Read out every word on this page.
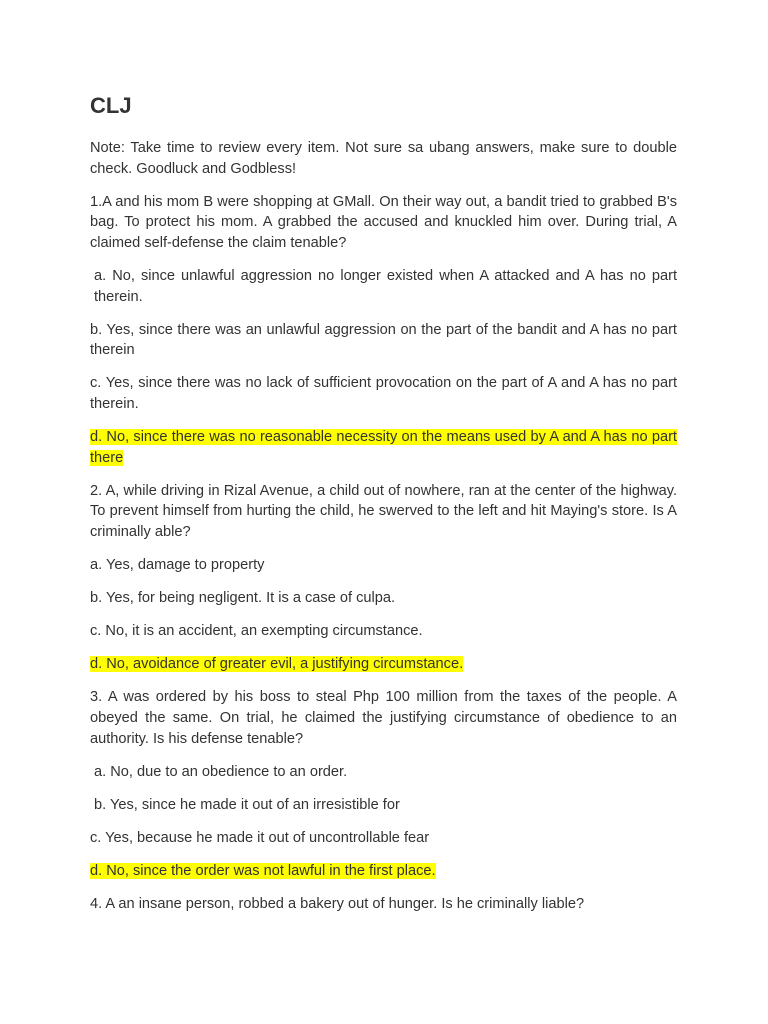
CLJ

Note: Take time to review every item. Not sure sa ubang answers, make sure to double check. Goodluck and Godbless!

1.A and his mom B were shopping at GMall. On their way out, a bandit tried to grabbed B's bag. To protect his mom. A grabbed the accused and knuckled him over. During trial, A claimed self-defense the claim tenable?

a. No, since unlawful aggression no longer existed when A attacked and A has no part therein.

b. Yes, since there was an unlawful aggression on the part of the bandit and A has no part therein

c. Yes, since there was no lack of sufficient provocation on the part of A and A has no part therein.

d. No, since there was no reasonable necessity on the means used by A and A has no part there

2. A, while driving in Rizal Avenue, a child out of nowhere, ran at the center of the highway. To prevent himself from hurting the child, he swerved to the left and hit Maying's store. Is A criminally able?

a. Yes, damage to property

b. Yes, for being negligent. It is a case of culpa.

c. No, it is an accident, an exempting circumstance.

d. No, avoidance of greater evil, a justifying circumstance.

3. A was ordered by his boss to steal Php 100 million from the taxes of the people. A obeyed the same. On trial, he claimed the justifying circumstance of obedience to an authority. Is his defense tenable?

a. No, due to an obedience to an order.

b. Yes, since he made it out of an irresistible for

c. Yes, because he made it out of uncontrollable fear

d. No, since the order was not lawful in the first place.

4. A an insane person, robbed a bakery out of hunger. Is he criminally liable?
